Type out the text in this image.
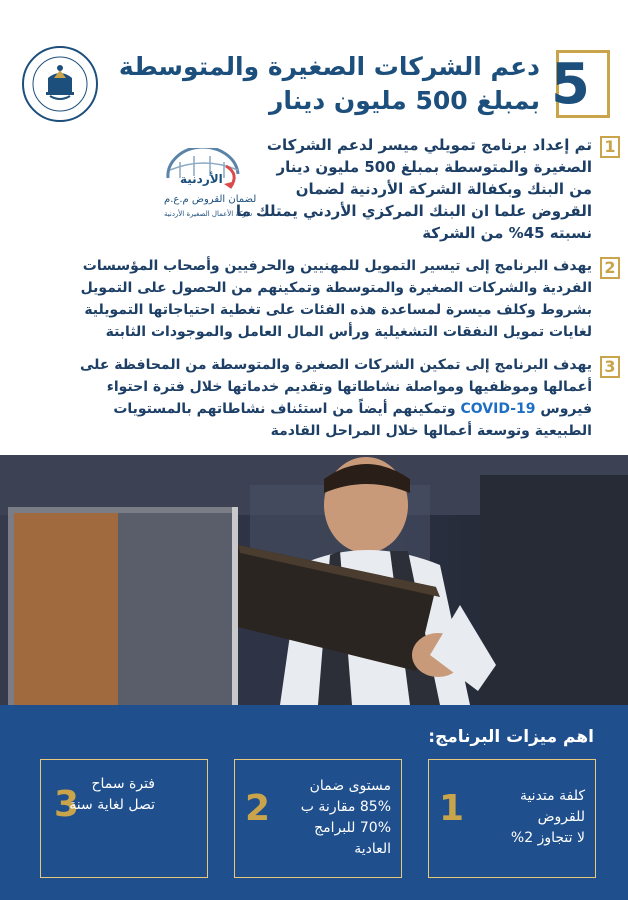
دعم الشركات الصغيرة والمتوسطة
بمبلغ 500 مليون دينار 5
الأردنية
لضمان القروض م.ع.م
شركة الأعمال الصغيرة الأردنية
1
تم إعداد برنامج تمويلي ميسر لدعم الشركات
الصغيرة والمتوسطة بمبلغ 500 مليون دينار
من البنك وبكفالة الشركة الأردنية لضمان
القروض علما ان البنك المركزي الأردني يمتلك ما
نسبته 45% من الشركة
2
يهدف البرنامج إلى تيسير التمويل للمهنيين والحرفيين وأصحاب المؤسسات
الفردية والشركات الصغيرة والمتوسطة وتمكينهم من الحصول على التمويل
بشروط وكلف ميسرة لمساعدة هذه الفئات على تغطية احتياجاتها التمويلية
لغايات تمويل النفقات التشغيلية ورأس المال العامل والموجودات الثابتة
3
يهدف البرنامج إلى تمكين الشركات الصغيرة والمتوسطة من المحافظة على
أعمالها وموظفيها ومواصلة نشاطاتها وتقديم خدماتها خلال فترة احتواء
فيروس COVID-19 وتمكينهم أيضاً من استئناف نشاطاتهم بالمستويات
الطبيعية وتوسعة أعمالها خلال المراحل القادمة
اهم ميزات البرنامج:
1	كلفة متدنية
للقروض
لا تتجاوز 2%
2
مستوى ضمان
85% مقارنة ب
70% للبرامج
العادية
3 فترة سماح
تصل لغاية سنة
